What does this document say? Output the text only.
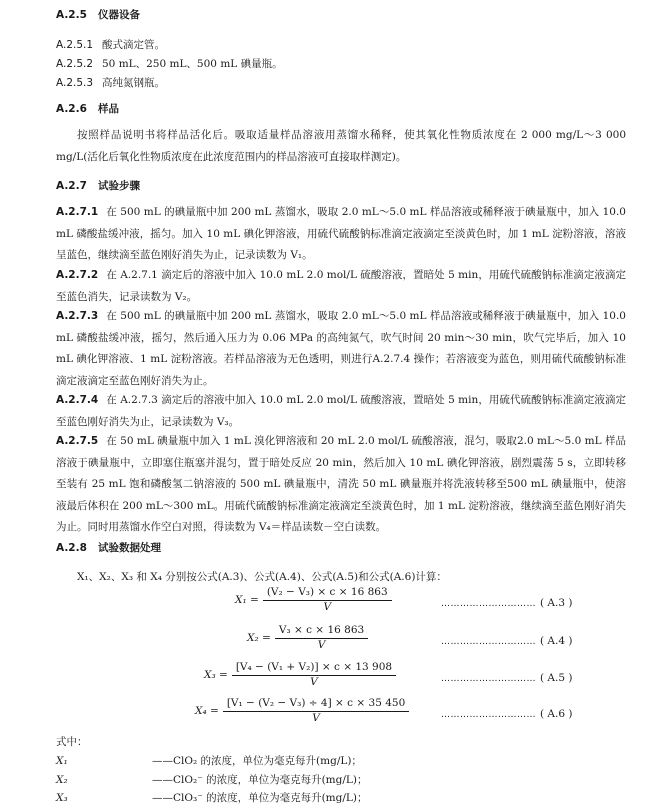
A.2.5 仪器设备
A.2.5.1 酸式滴定管。
A.2.5.2 50 mL、250 mL、500 mL 碘量瓶。
A.2.5.3 高纯氮钢瓶。
A.2.6 样品
按照样品说明书将样品活化后。吸取适量样品溶液用蒸馏水稀释，使其氧化性物质浓度在 2 000 mg/L～3 000 mg/L(活化后氧化性物质浓度在此浓度范围内的样品溶液可直接取样测定)。
A.2.7 试验步骤
A.2.7.1 在 500 mL 的碘量瓶中加 200 mL 蒸馏水，吸取 2.0 mL～5.0 mL 样品溶液或稀释液于碘量瓶中，加入 10.0 mL 磷酸盐缓冲液，摇匀。加入 10 mL 碘化钾溶液，用硫代硫酸钠标准滴定液滴定至淡黄色时，加 1 mL 淀粉溶液，溶液呈蓝色，继续滴至蓝色刚好消失为止，记录读数为 V₁。
A.2.7.2 在 A.2.7.1 滴定后的溶液中加入 10.0 mL 2.0 mol/L 硫酸溶液，置暗处 5 min，用硫代硫酸钠标准滴定液滴定至蓝色消失，记录读数为 V₂。
A.2.7.3 在 500 mL 的碘量瓶中加 200 mL 蒸馏水，吸取 2.0 mL～5.0 mL 样品溶液或稀释液于碘量瓶中，加入 10.0 mL 磷酸盐缓冲液，摇匀，然后通入压力为 0.06 MPa 的高纯氮气，吹气时间 20 min～30 min，吹气完毕后，加入 10 mL 碘化钾溶液、1 mL 淀粉溶液。若样品溶液为无色透明，则进行A.2.7.4 操作；若溶液变为蓝色，则用硫代硫酸钠标准滴定液滴定至蓝色刚好消失为止。
A.2.7.4 在 A.2.7.3 滴定后的溶液中加入 10.0 mL 2.0 mol/L 硫酸溶液，置暗处 5 min，用硫代硫酸钠标准滴定液滴定至蓝色刚好消失为止，记录读数为 V₃。
A.2.7.5 在 50 mL 碘量瓶中加入 1 mL 溴化钾溶液和 20 mL 2.0 mol/L 硫酸溶液，混匀，吸取2.0 mL～5.0 mL 样品溶液于碘量瓶中，立即塞住瓶塞并混匀，置于暗处反应 20 min，然后加入 10 mL 碘化钾溶液，剧烈震荡 5 s，立即转移至装有 25 mL 饱和磷酸氢二钠溶液的 500 mL 碘量瓶中，清洗 50 mL 碘量瓶并将洗液转移至500 mL 碘量瓶中，使溶液最后体积在 200 mL～300 mL。用硫代硫酸钠标准滴定液滴定至淡黄色时，加 1 mL 淀粉溶液，继续滴至蓝色刚好消失为止。同时用蒸馏水作空白对照，得读数为 V₄＝样品读数－空白读数。
A.2.8 试验数据处理
X₁、X₂、X₃ 和 X₄ 分别按公式(A.3)、公式(A.4)、公式(A.5)和公式(A.6)计算：
$X_1 = \frac{\text{(V₂ − V₃) × c × 16 863}}{V}$	………………………… ( A.3 )
$X_2 = \frac{\text{V₃ × c × 16 863}}{V}$	………………………… ( A.4 )
$X_3 = \frac{\text{[V₄ − (V₁ + V₂)] × c × 13 908}}{V}$	………………………… ( A.5 )
$X_4 = \frac{\text{[V₁ − (V₂ − V₃) ÷ 4] × c × 35 450}}{V}$	………………………… ( A.6 )
式中：
X₁	——ClO₂ 的浓度，单位为毫克每升(mg/L)；
X₂	——ClO₂⁻ 的浓度，单位为毫克每升(mg/L)；
X₃	——ClO₃⁻ 的浓度，单位为毫克每升(mg/L)；
